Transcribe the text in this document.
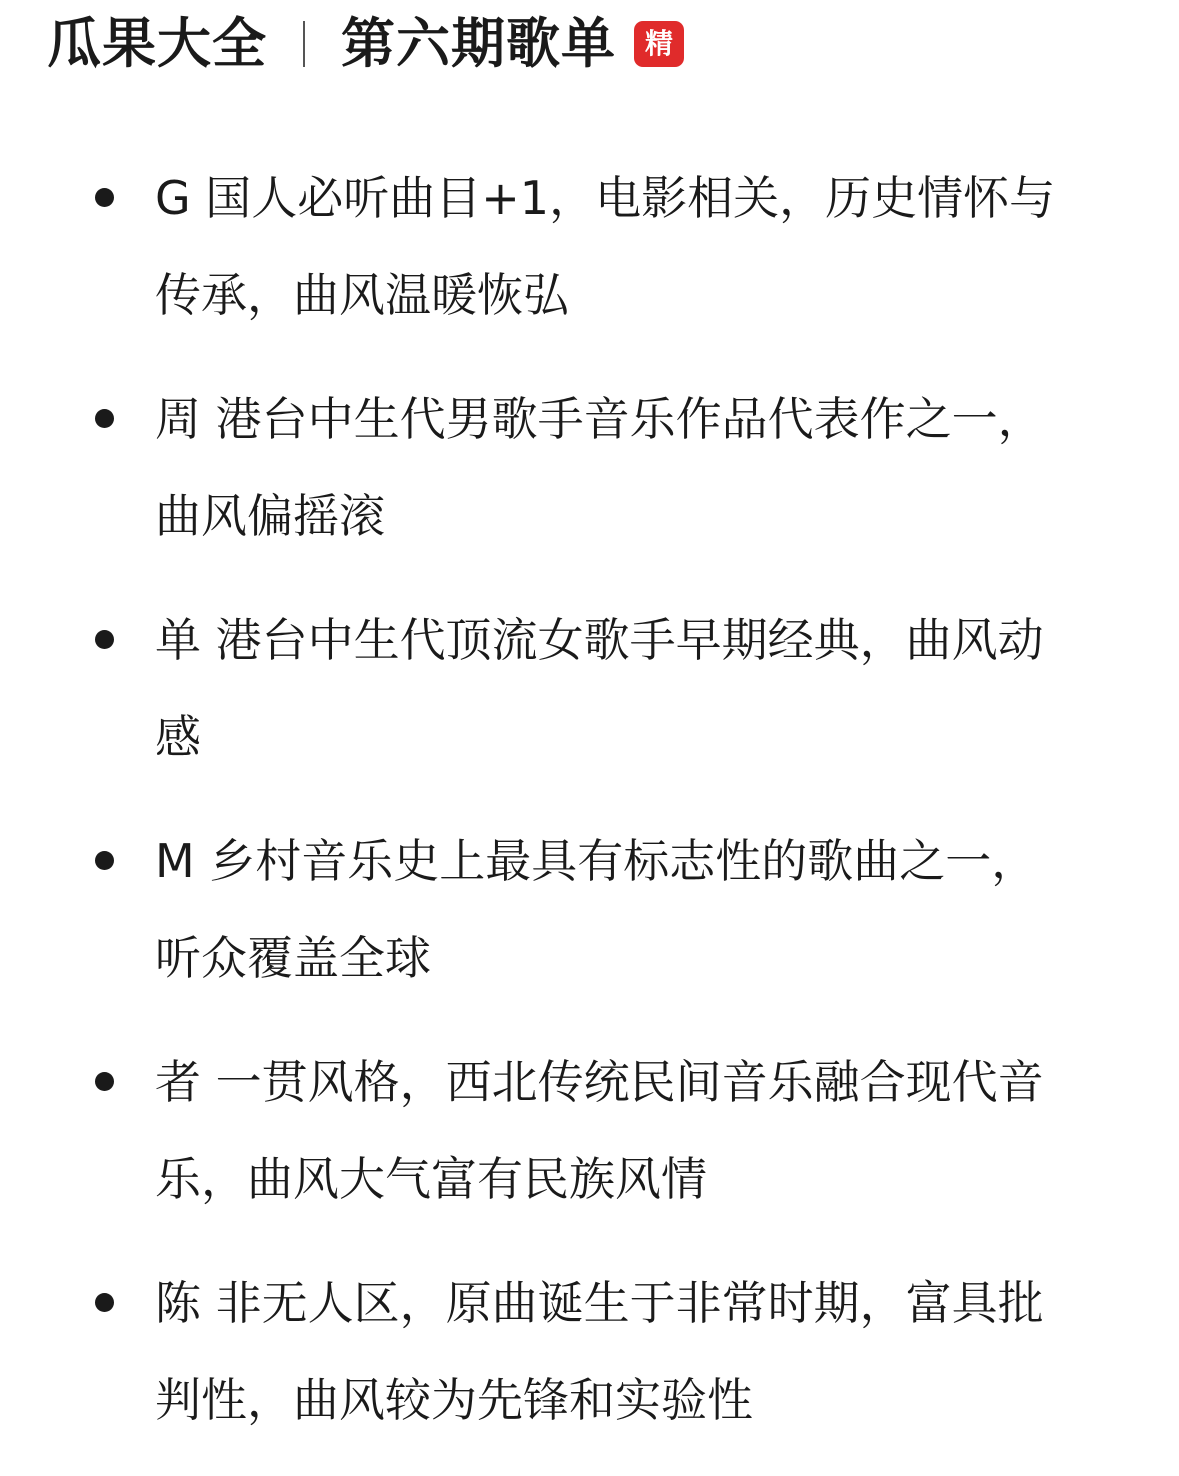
瓜果大全 第六期歌单	精
G 国人必听曲目+1，电影相关，历史情怀与传承，曲风温暖恢弘
周 港台中生代男歌手音乐作品代表作之一，曲风偏摇滚
单 港台中生代顶流女歌手早期经典，曲风动感
M 乡村音乐史上最具有标志性的歌曲之一，听众覆盖全球
者 一贯风格，西北传统民间音乐融合现代音乐，曲风大气富有民族风情
陈 非无人区，原曲诞生于非常时期，富具批判性，曲风较为先锋和实验性
